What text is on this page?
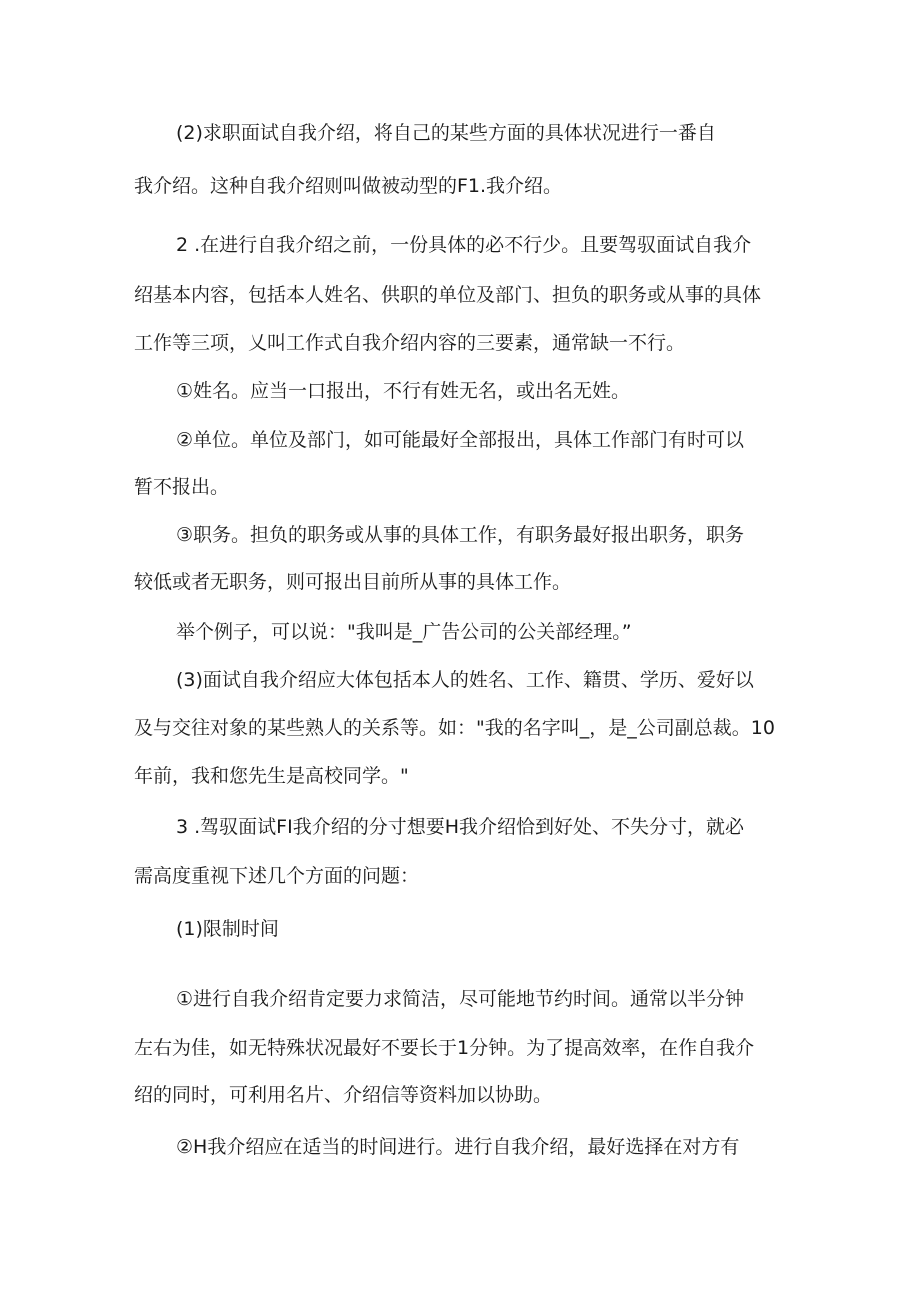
(2)求职面试自我介绍，将自己的某些方面的具体状况进行一番自
我介绍。这种自我介绍则叫做被动型的F1.我介绍。
2 .在进行自我介绍之前，一份具体的必不行少。且要驾驭面试自我介
绍基本内容，包括本人姓名、供职的单位及部门、担负的职务或从事的具体
工作等三项，乂叫工作式自我介绍内容的三要素，通常缺一不行。
①姓名。应当一口报出，不行有姓无名，或出名无姓。
②单位。单位及部门，如可能最好全部报出，具体工作部门有时可以
暂不报出。
③职务。担负的职务或从事的具体工作，有职务最好报出职务，职务
较低或者无职务，则可报出目前所从事的具体工作。
举个例子，可以说："我叫是_广告公司的公关部经理。”
(3)面试自我介绍应大体包括本人的姓名、工作、籍贯、学历、爱好以
及与交往对象的某些熟人的关系等。如："我的名字叫_，是_公司副总裁。10
年前，我和您先生是高校同学。"
3 .驾驭面试FI我介绍的分寸想要H我介绍恰到好处、不失分寸，就必
需高度重视下述几个方面的问题：
(1)限制时间
①进行自我介绍肯定要力求简洁，尽可能地节约时间。通常以半分钟
左右为佳，如无特殊状况最好不要长于1分钟。为了提高效率，在作自我介
绍的同时，可利用名片、介绍信等资料加以协助。
②H我介绍应在适当的时间进行。进行自我介绍，最好选择在对方有
